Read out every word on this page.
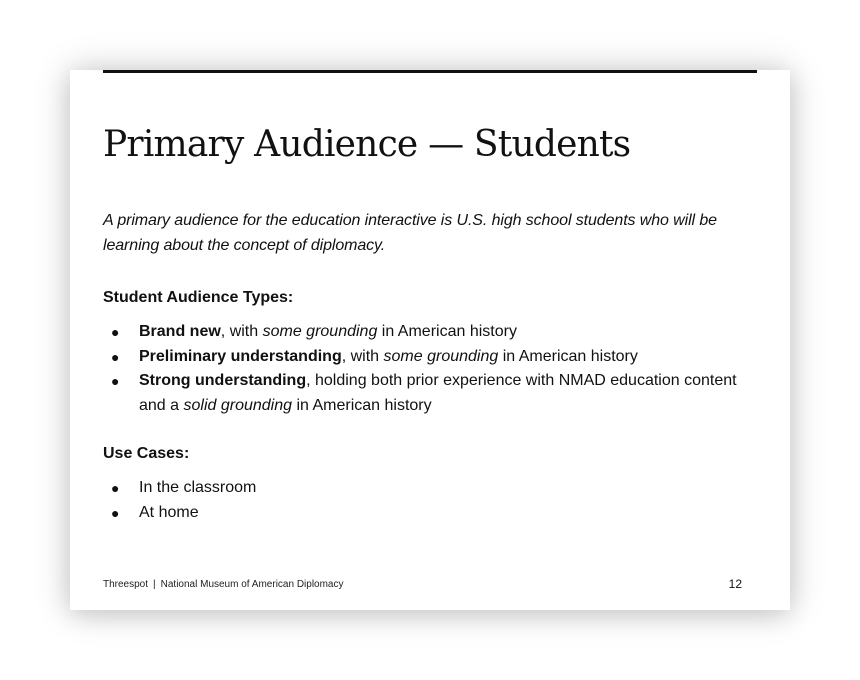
Primary Audience — Students

A primary audience for the education interactive is U.S. high school students who will be learning about the concept of diplomacy.

Student Audience Types:
● Brand new, with some grounding in American history
● Preliminary understanding, with some grounding in American history
● Strong understanding, holding both prior experience with NMAD education content and a solid grounding in American history
Use Cases:
● In the classroom
● At home
Threespot | National Museum of American Diplomacy	12
